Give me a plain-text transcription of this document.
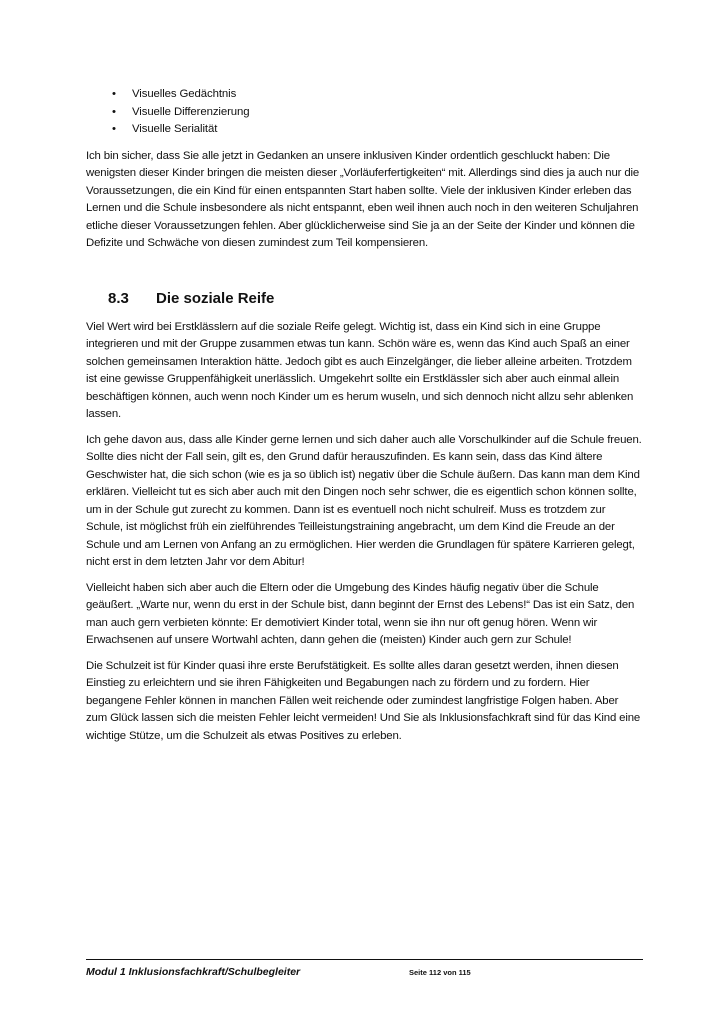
• Visuelles Gedächtnis
• Visuelle Differenzierung
• Visuelle Serialität

Ich bin sicher, dass Sie alle jetzt in Gedanken an unsere inklusiven Kinder ordentlich geschluckt haben: Die wenigsten dieser Kinder bringen die meisten dieser „Vorläuferfertigkeiten“ mit. Allerdings sind dies ja auch nur die Voraussetzungen, die ein Kind für einen entspannten Start haben sollte. Viele der inklusiven Kinder erleben das Lernen und die Schule insbesondere als nicht entspannt, eben weil ihnen auch noch in den weiteren Schuljahren etliche dieser Voraussetzungen fehlen. Aber glücklicherweise sind Sie ja an der Seite der Kinder und können die Defizite und Schwäche von diesen zumindest zum Teil kompensieren.

8.3	Die soziale Reife

Viel Wert wird bei Erstklässlern auf die soziale Reife gelegt. Wichtig ist, dass ein Kind sich in eine Gruppe integrieren und mit der Gruppe zusammen etwas tun kann. Schön wäre es, wenn das Kind auch Spaß an einer solchen gemeinsamen Interaktion hätte. Jedoch gibt es auch Einzelgänger, die lieber alleine arbeiten. Trotzdem ist eine gewisse Gruppenfähigkeit unerlässlich. Umgekehrt sollte ein Erstklässler sich aber auch einmal allein beschäftigen können, auch wenn noch Kinder um es herum wuseln, und sich dennoch nicht allzu sehr ablenken lassen.

Ich gehe davon aus, dass alle Kinder gerne lernen und sich daher auch alle Vorschulkinder auf die Schule freuen. Sollte dies nicht der Fall sein, gilt es, den Grund dafür herauszufinden. Es kann sein, dass das Kind ältere Geschwister hat, die sich schon (wie es ja so üblich ist) negativ über die Schule äußern. Das kann man dem Kind erklären. Vielleicht tut es sich aber auch mit den Dingen noch sehr schwer, die es eigentlich schon können sollte, um in der Schule gut zurecht zu kommen. Dann ist es eventuell noch nicht schulreif. Muss es trotzdem zur Schule, ist möglichst früh ein zielführendes Teilleistungstraining angebracht, um dem Kind die Freude an der Schule und am Lernen von Anfang an zu ermöglichen. Hier werden die Grundlagen für spätere Karrieren gelegt, nicht erst in dem letzten Jahr vor dem Abitur!

Vielleicht haben sich aber auch die Eltern oder die Umgebung des Kindes häufig negativ über die Schule geäußert. „Warte nur, wenn du erst in der Schule bist, dann beginnt der Ernst des Lebens!“ Das ist ein Satz, den man auch gern verbieten könnte: Er demotiviert Kinder total, wenn sie ihn nur oft genug hören. Wenn wir Erwachsenen auf unsere Wortwahl achten, dann gehen die (meisten) Kinder auch gern zur Schule!

Die Schulzeit ist für Kinder quasi ihre erste Berufstätigkeit. Es sollte alles daran gesetzt werden, ihnen diesen Einstieg zu erleichtern und sie ihren Fähigkeiten und Begabungen nach zu fördern und zu fordern. Hier begangene Fehler können in manchen Fällen weit reichende oder zumindest langfristige Folgen haben. Aber zum Glück lassen sich die meisten Fehler leicht vermeiden! Und Sie als Inklusionsfachkraft sind für das Kind eine wichtige Stütze, um die Schulzeit als etwas Positives zu erleben.

Modul 1 Inklusionsfachkraft/Schulbegleiter	Seite 112 von 115
